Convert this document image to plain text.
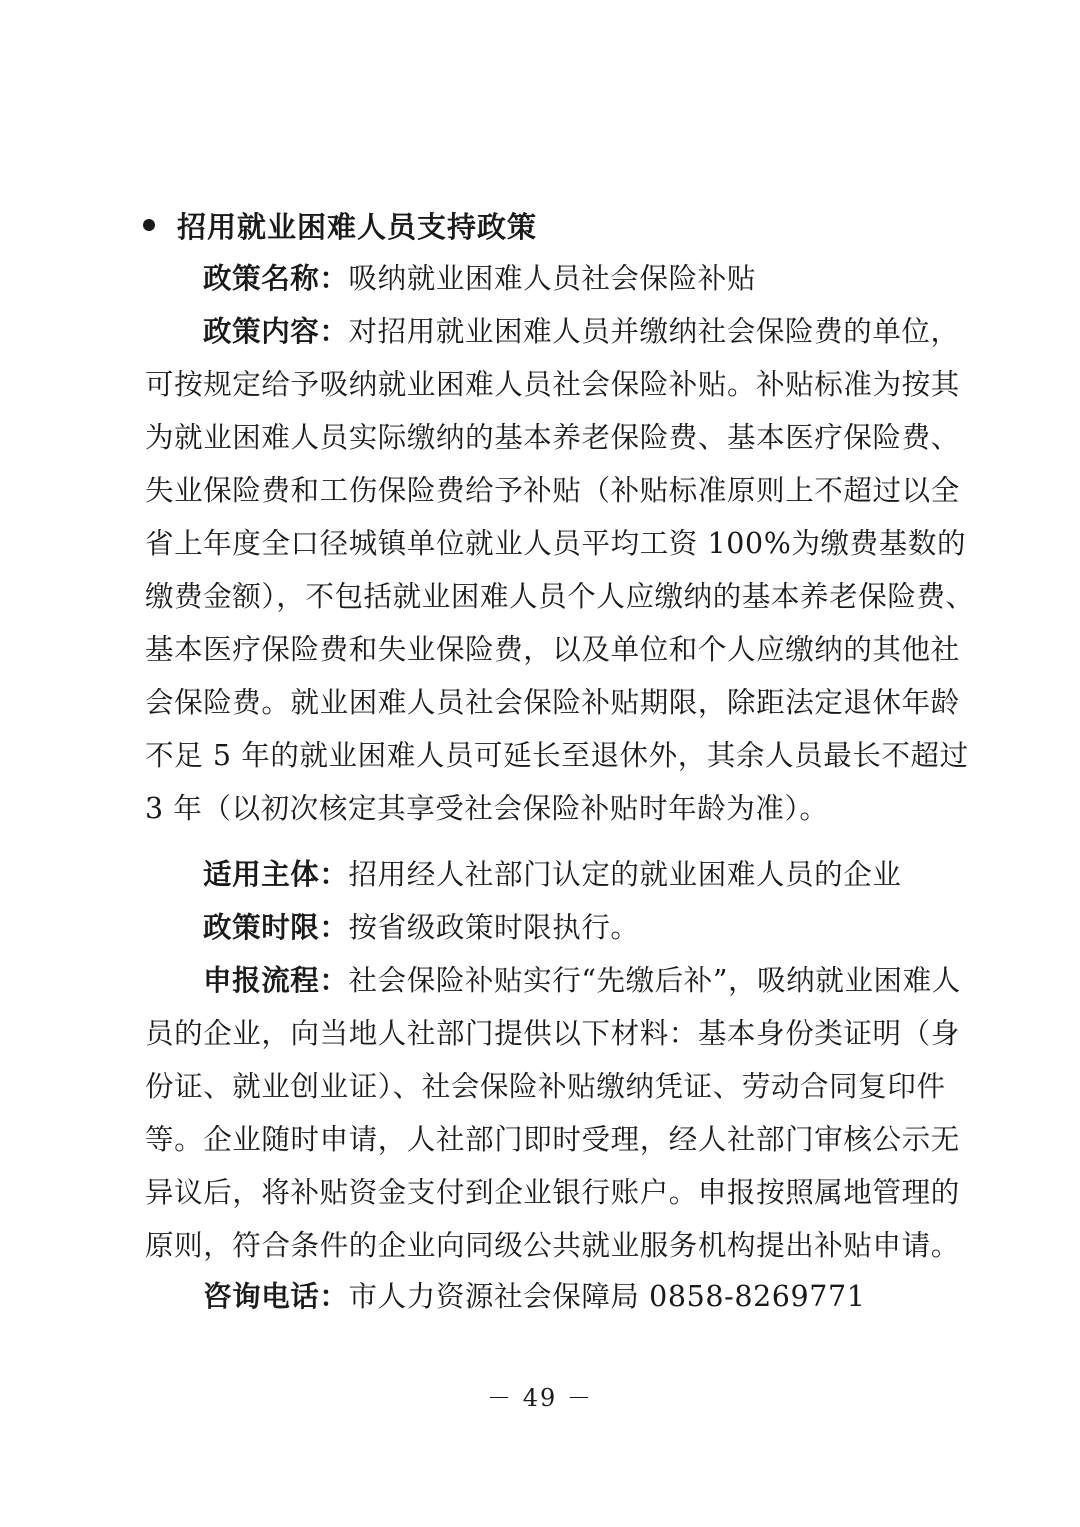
招用就业困难人员支持政策
政策名称：吸纳就业困难人员社会保险补贴
政策内容：对招用就业困难人员并缴纳社会保险费的单位，
可按规定给予吸纳就业困难人员社会保险补贴。补贴标准为按其
为就业困难人员实际缴纳的基本养老保险费、基本医疗保险费、
失业保险费和工伤保险费给予补贴（补贴标准原则上不超过以全
省上年度全口径城镇单位就业人员平均工资 100%为缴费基数的
缴费金额），不包括就业困难人员个人应缴纳的基本养老保险费、
基本医疗保险费和失业保险费，以及单位和个人应缴纳的其他社
会保险费。就业困难人员社会保险补贴期限，除距法定退休年龄
不足 5 年的就业困难人员可延长至退休外，其余人员最长不超过
3 年（以初次核定其享受社会保险补贴时年龄为准）。
适用主体：招用经人社部门认定的就业困难人员的企业
政策时限：按省级政策时限执行。
申报流程：社会保险补贴实行“先缴后补”，吸纳就业困难人
员的企业，向当地人社部门提供以下材料：基本身份类证明（身
份证、就业创业证）、社会保险补贴缴纳凭证、劳动合同复印件
等。企业随时申请，人社部门即时受理，经人社部门审核公示无
异议后，将补贴资金支付到企业银行账户。申报按照属地管理的
原则，符合条件的企业向同级公共就业服务机构提出补贴申请。
咨询电话：市人力资源社会保障局 0858-8269771
－ 49 －
